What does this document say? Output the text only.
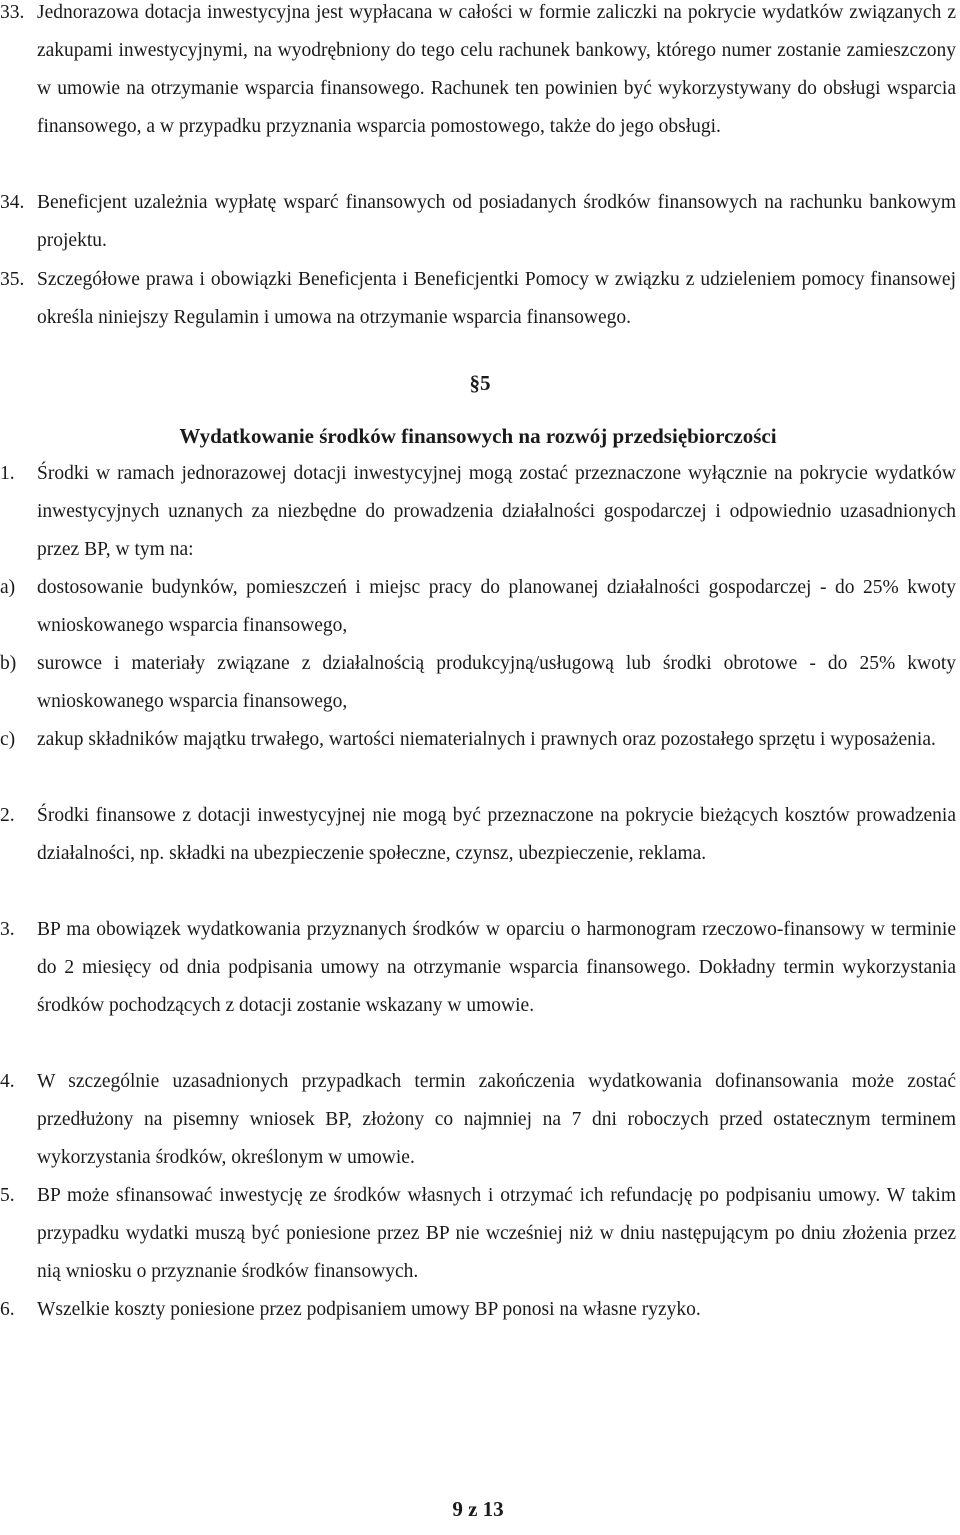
33. Jednorazowa dotacja inwestycyjna jest wypłacana w całości w formie zaliczki na pokrycie wydatków związanych z zakupami inwestycyjnymi, na wyodrębniony do tego celu rachunek bankowy, którego numer zostanie zamieszczony w umowie na otrzymanie wsparcia finansowego. Rachunek ten powinien być wykorzystywany do obsługi wsparcia finansowego, a w przypadku przyznania wsparcia pomostowego, także do jego obsługi.
34. Beneficjent uzależnia wypłatę wsparć finansowych od posiadanych środków finansowych na rachunku bankowym projektu.
35. Szczegółowe prawa i obowiązki Beneficjenta i Beneficjentki Pomocy w związku z udzieleniem pomocy finansowej określa niniejszy Regulamin i umowa na otrzymanie wsparcia finansowego.
§5
Wydatkowanie środków finansowych na rozwój przedsiębiorczości
1. Środki w ramach jednorazowej dotacji inwestycyjnej mogą zostać przeznaczone wyłącznie na pokrycie wydatków inwestycyjnych uznanych za niezbędne do prowadzenia działalności gospodarczej i odpowiednio uzasadnionych przez BP, w tym na:
a) dostosowanie budynków, pomieszczeń i miejsc pracy do planowanej działalności gospodarczej - do 25% kwoty wnioskowanego wsparcia finansowego,
b) surowce i materiały związane z działalnością produkcyjną/usługową lub środki obrotowe - do 25% kwoty wnioskowanego wsparcia finansowego,
c) zakup składników majątku trwałego, wartości niematerialnych i prawnych oraz pozostałego sprzętu i wyposażenia.
2. Środki finansowe z dotacji inwestycyjnej nie mogą być przeznaczone na pokrycie bieżących kosztów prowadzenia działalności, np. składki na ubezpieczenie społeczne, czynsz, ubezpieczenie, reklama.
3. BP ma obowiązek wydatkowania przyznanych środków w oparciu o harmonogram rzeczowo-finansowy w terminie do 2 miesięcy od dnia podpisania umowy na otrzymanie wsparcia finansowego. Dokładny termin wykorzystania środków pochodzących z dotacji zostanie wskazany w umowie.
4. W szczególnie uzasadnionych przypadkach termin zakończenia wydatkowania dofinansowania może zostać przedłużony na pisemny wniosek BP, złożony co najmniej na 7 dni roboczych przed ostatecznym terminem wykorzystania środków, określonym w umowie.
5. BP może sfinansować inwestycję ze środków własnych i otrzymać ich refundację po podpisaniu umowy. W takim przypadku wydatki muszą być poniesione przez BP nie wcześniej niż w dniu następującym po dniu złożenia przez nią wniosku o przyznanie środków finansowych.
6. Wszelkie koszty poniesione przez podpisaniem umowy BP ponosi na własne ryzyko.
9 z 13
